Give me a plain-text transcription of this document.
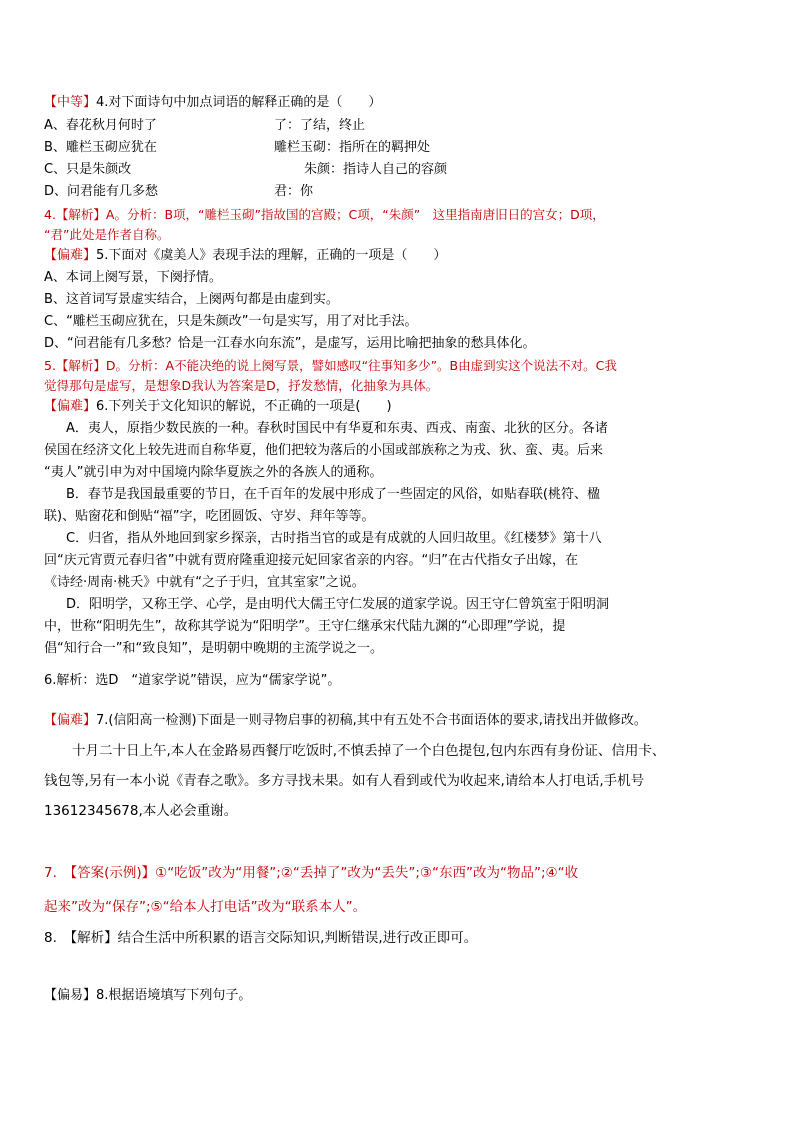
【中等】4.对下面诗句中加点词语的解释正确的是（　　）
A、春花秋月何时了	了：了结，终止
B、雕栏玉砌应犹在	雕栏玉砌：指所在的羁押处
C、只是朱颜改	朱颜：指诗人自己的容颜
D、问君能有几多愁	君：你
4.【解析】A。分析：B项，“雕栏玉砌”指故国的宫殿；C项，“朱颜”　这里指南唐旧日的宫女；D项，
“君”此处是作者自称。
【偏难】5.下面对《虞美人》表现手法的理解，正确的一项是（　　）
A、本词上阕写景，下阕抒情。
B、这首词写景虚实结合，上阕两句都是由虚到实。
C、“雕栏玉砌应犹在，只是朱颜改”一句是实写，用了对比手法。
D、“问君能有几多愁？恰是一江春水向东流”，是虚写，运用比喻把抽象的愁具体化。
5.【解析】D。分析：A不能决绝的说上阕写景，譬如感叹“往事知多少”。B由虚到实这个说法不对。C我
觉得那句是虚写，是想象D我认为答案是D，抒发愁情，化抽象为具体。
【偏难】6.下列关于文化知识的解说，不正确的一项是(　　)
A．夷人，原指少数民族的一种。春秋时国民中有华夏和东夷、西戎、南蛮、北狄的区分。各诸
侯国在经济文化上较先进而自称华夏，他们把较为落后的小国或部族称之为戎、狄、蛮、夷。后来
“夷人”就引申为对中国境内除华夏族之外的各族人的通称。
B．春节是我国最重要的节日，在千百年的发展中形成了一些固定的风俗，如贴春联(桃符、楹
联)、贴窗花和倒贴“福”字，吃团圆饭、守岁、拜年等等。
C．归省，指从外地回到家乡探亲，古时指当官的或是有成就的人回归故里。《红楼梦》第十八
回“庆元宵贾元春归省”中就有贾府隆重迎接元妃回家省亲的内容。“归”在古代指女子出嫁，在
《诗经·周南·桃夭》中就有“之子于归，宜其室家”之说。
D．阳明学，又称王学、心学，是由明代大儒王守仁发展的道家学说。因王守仁曾筑室于阳明洞
中，世称“阳明先生”，故称其学说为“阳明学”。王守仁继承宋代陆九渊的“心即理”学说，提
倡“知行合一”和“致良知”，是明朝中晚期的主流学说之一。
6.解析：选D　“道家学说”错误，应为“儒家学说”。
【偏难】7.(信阳高一检测)下面是一则寻物启事的初稿,其中有五处不合书面语体的要求,请找出并做修改。
十月二十日上午,本人在金路易西餐厅吃饭时,不慎丢掉了一个白色提包,包内东西有身份证、信用卡、
钱包等,另有一本小说《青春之歌》。多方寻找未果。如有人看到或代为收起来,请给本人打电话,手机号
13612345678,本人必会重谢。
7.　【答案(示例)】①“吃饭”改为“用餐”;②“丢掉了”改为“丢失”;③“东西”改为“物品”;④“收
起来”改为“保存”;⑤“给本人打电话”改为“联系本人”。
8.　【解析】结合生活中所积累的语言交际知识,判断错误,进行改正即可。
【偏易】8.根据语境填写下列句子。
